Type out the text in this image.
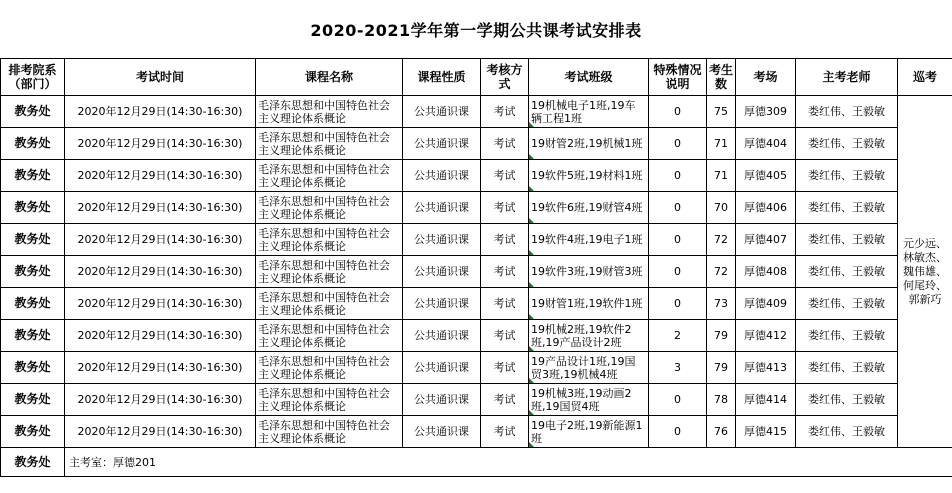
2020-2021学年第一学期公共课考试安排表
排考院系（部门）	考试时间	课程名称	课程性质	考核方式	考试班级	特殊情况说明	考生数	考场	主考老师	巡考
教务处	2020年12月29日(14:30-16:30)	毛泽东思想和中国特色社会主义理论体系概论	公共通识课	考试	19机械电子1班,19车辆工程1班	0	75	厚德309	娄红伟、王毅敏	元少远、林敏杰、魏伟雄、何尾玲、郭新巧
教务处	2020年12月29日(14:30-16:30)	毛泽东思想和中国特色社会主义理论体系概论	公共通识课	考试	19财管2班,19机械1班	0	71	厚德404	娄红伟、王毅敏	
教务处	2020年12月29日(14:30-16:30)	毛泽东思想和中国特色社会主义理论体系概论	公共通识课	考试	19软件5班,19材料1班	0	71	厚德405	娄红伟、王毅敏	
教务处	2020年12月29日(14:30-16:30)	毛泽东思想和中国特色社会主义理论体系概论	公共通识课	考试	19软件6班,19财管4班	0	70	厚德406	娄红伟、王毅敏	
教务处	2020年12月29日(14:30-16:30)	毛泽东思想和中国特色社会主义理论体系概论	公共通识课	考试	19软件4班,19电子1班	0	72	厚德407	娄红伟、王毅敏	
教务处	2020年12月29日(14:30-16:30)	毛泽东思想和中国特色社会主义理论体系概论	公共通识课	考试	19软件3班,19财管3班	0	72	厚德408	娄红伟、王毅敏	
教务处	2020年12月29日(14:30-16:30)	毛泽东思想和中国特色社会主义理论体系概论	公共通识课	考试	19财管1班,19软件1班	0	73	厚德409	娄红伟、王毅敏	
教务处	2020年12月29日(14:30-16:30)	毛泽东思想和中国特色社会主义理论体系概论	公共通识课	考试	19机械2班,19软件2班,19产品设计2班	2	79	厚德412	娄红伟、王毅敏	
教务处	2020年12月29日(14:30-16:30)	毛泽东思想和中国特色社会主义理论体系概论	公共通识课	考试	19产品设计1班,19国贸3班,19机械4班	3	79	厚德413	娄红伟、王毅敏	
教务处	2020年12月29日(14:30-16:30)	毛泽东思想和中国特色社会主义理论体系概论	公共通识课	考试	19机械3班,19动画2班,19国贸4班	0	78	厚德414	娄红伟、王毅敏	
教务处	2020年12月29日(14:30-16:30)	毛泽东思想和中国特色社会主义理论体系概论	公共通识课	考试	19电子2班,19新能源1班	0	76	厚德415	娄红伟、王毅敏	
教务处	主考室：厚德201									
